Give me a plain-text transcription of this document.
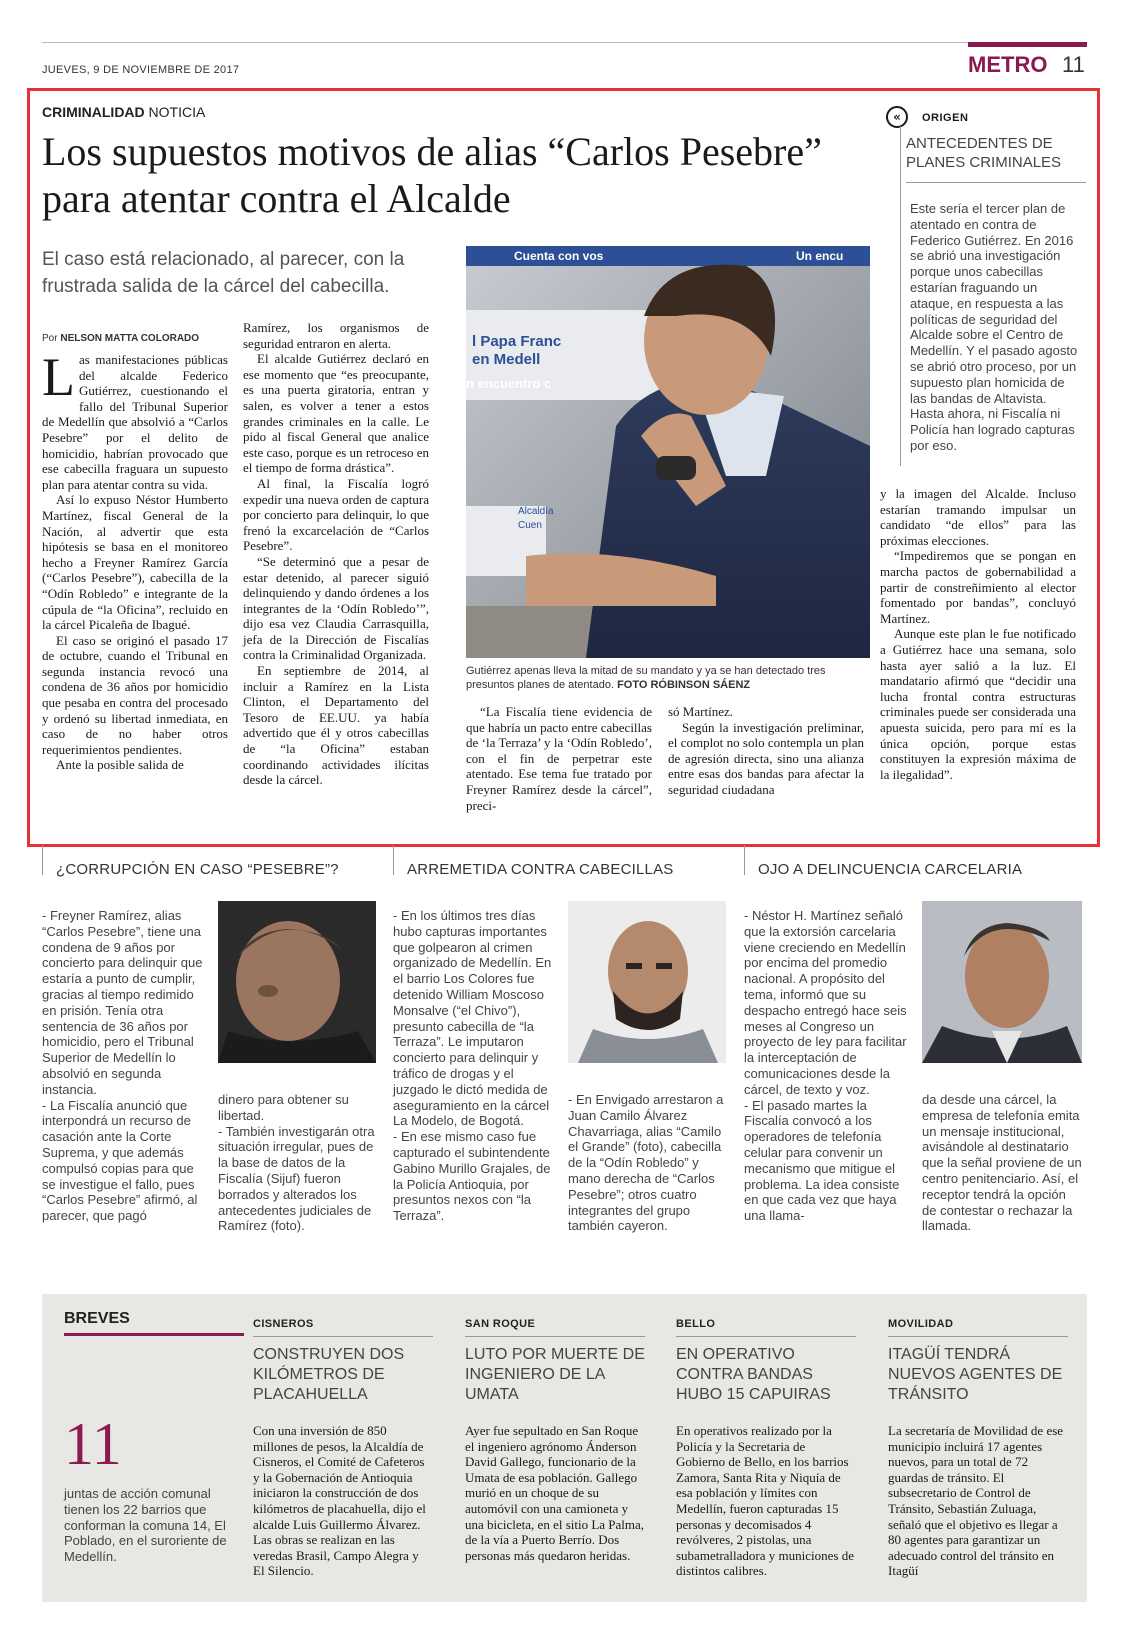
JUEVES, 9 DE NOVIEMBRE DE 2017	METRO 11
CRIMINALIDAD NOTICIA
Los supuestos motivos de alias “Carlos Pesebre” para atentar contra el Alcalde
El caso está relacionado, al parecer, con la frustrada salida de la cárcel del cabecilla.
Por NELSON MATTA COLORADO
L as manifestaciones públicas del alcalde Federico Gutiérrez, cuestionando el fallo del Tribunal Superior de Medellín que absolvió a “Carlos Pesebre” por el delito de homicidio, habrían provocado que ese cabecilla fraguara un supuesto plan para atentar contra su vida.

Así lo expuso Néstor Humberto Martínez, fiscal General de la Nación, al advertir que esta hipótesis se basa en el monitoreo hecho a Freyner Ramírez García (“Carlos Pesebre”), cabecilla de la “Odín Robledo” e integrante de la cúpula de “la Oficina”, recluido en la cárcel Picaleña de Ibagué.

El caso se originó el pasado 17 de octubre, cuando el Tribunal en segunda instancia revocó una condena de 36 años por homicidio que pesaba en contra del procesado y ordenó su libertad inmediata, en caso de no haber otros requerimientos pendientes.

Ante la posible salida de

Ramírez, los organismos de seguridad entraron en alerta.

El alcalde Gutiérrez declaró en ese momento que “es preocupante, es una puerta giratoria, entran y salen, es volver a tener a estos grandes criminales en la calle. Le pido al fiscal General que analice este caso, porque es un retroceso en el tiempo de forma drástica”.

Al final, la Fiscalía logró expedir una nueva orden de captura por concierto para delinquir, lo que frenó la excarcelación de “Carlos Pesebre”.

“Se determinó que a pesar de estar detenido, al parecer siguió delinquiendo y dando órdenes a los integrantes de la ‘Odín Robledo’”, dijo esa vez Claudia Carrasquilla, jefa de la Dirección de Fiscalías contra la Criminalidad Organizada.

En septiembre de 2014, al incluir a Ramírez en la Lista Clinton, el Departamento del Tesoro de EE.UU. ya había advertido que él y otros cabecillas de “la Oficina” estaban coordinando actividades ilícitas desde la cárcel.

Cuenta con vos	Un encu
l Papa Franc
en Medell
n encuentro c
Alcaldía
Cuen
Gutiérrez apenas lleva la mitad de su mandato y ya se han detectado tres presuntos planes de atentado. FOTO RÓBINSON SÁENZ

“La Fiscalía tiene evidencia de que habría un pacto entre cabecillas de ‘la Terraza’ y la ‘Odín Robledo’, con el fin de perpetrar este atentado. Ese tema fue tratado por Freyner Ramírez desde la cárcel”, preci-

só Martínez.

Según la investigación preliminar, el complot no solo contempla un plan de agresión directa, sino una alianza entre esas dos bandas para afectar la seguridad ciudadana

y la imagen del Alcalde. Incluso estarían tramando impulsar un candidato “de ellos” para las próximas elecciones.

“Impediremos que se pongan en marcha pactos de gobernabilidad a partir de constreñimiento al elector fomentado por bandas”, concluyó Martínez.

Aunque este plan le fue notificado a Gutiérrez hace una semana, solo hasta ayer salió a la luz. El mandatario afirmó que “decidir una lucha frontal contra estructuras criminales puede ser considerada una apuesta suicida, pero para mí es la única opción, porque estas constituyen la expresión máxima de la ilegalidad”.

«	ORIGEN
ANTECEDENTES DE PLANES CRIMINALES
Este sería el tercer plan de atentado en contra de Federico Gutiérrez. En 2016 se abrió una investigación porque unos cabecillas estarían fraguando un ataque, en respuesta a las políticas de seguridad del Alcalde sobre el Centro de Medellín. Y el pasado agosto se abrió otro proceso, por un supuesto plan homicida de las bandas de Altavista. Hasta ahora, ni Fiscalía ni Policía han logrado capturas por eso.
¿CORRUPCIÓN EN CASO “PESEBRE”?
- Freyner Ramírez, alias “Carlos Pesebre”, tiene una condena de 9 años por concierto para delinquir que estaría a punto de cumplir, gracias al tiempo redimido en prisión. Tenía otra sentencia de 36 años por homicidio, pero el Tribunal Superior de Medellín lo absolvió en segunda instancia.
- La Fiscalía anunció que interpondrá un recurso de casación ante la Corte Suprema, y que además compulsó copias para que se investigue el fallo, pues “Carlos Pesebre” afirmó, al parecer, que pagó
dinero para obtener su libertad.
- También investigarán otra situación irregular, pues de la base de datos de la Fiscalía (Sijuf) fueron borrados y alterados los antecedentes judiciales de Ramírez (foto).
ARREMETIDA CONTRA CABECILLAS
- En los últimos tres días hubo capturas importantes que golpearon al crimen organizado de Medellín. En el barrio Los Colores fue detenido William Moscoso Monsalve (“el Chivo”), presunto cabecilla de “la Terraza”. Le imputaron concierto para delinquir y tráfico de drogas y el juzgado le dictó medida de aseguramiento en la cárcel La Modelo, de Bogotá.
- En ese mismo caso fue capturado el subintendente Gabino Murillo Grajales, de la Policía Antioquia, por presuntos nexos con “la Terraza”.
- En Envigado arrestaron a Juan Camilo Álvarez Chavarriaga, alias “Camilo el Grande” (foto), cabecilla de la “Odín Robledo” y mano derecha de “Carlos Pesebre”; otros cuatro integrantes del grupo también cayeron.
OJO A DELINCUENCIA CARCELARIA
- Néstor H. Martínez señaló que la extorsión carcelaria viene creciendo en Medellín por encima del promedio nacional. A propósito del tema, informó que su despacho entregó hace seis meses al Congreso un proyecto de ley para facilitar la interceptación de comunicaciones desde la cárcel, de texto y voz.
- El pasado martes la Fiscalía convocó a los operadores de telefonía celular para convenir un mecanismo que mitigue el problema. La idea consiste en que cada vez que haya una llama-
da desde una cárcel, la empresa de telefonía emita un mensaje institucional, avisándole al destinatario que la señal proviene de un centro penitenciario. Así, el receptor tendrá la opción de contestar o rechazar la llamada.
BREVES
11
juntas de acción comunal tienen los 22 barrios que conforman la comuna 14, El Poblado, en el suroriente de Medellín.
CISNEROS
CONSTRUYEN DOS KILÓMETROS DE PLACAHUELLA
Con una inversión de 850 millones de pesos, la Alcaldía de Cisneros, el Comité de Cafeteros y la Gobernación de Antioquia iniciaron la construcción de dos kilómetros de placahuella, dijo el alcalde Luis Guillermo Álvarez. Las obras se realizan en las veredas Brasil, Campo Alegra y El Silencio.
SAN ROQUE
LUTO POR MUERTE DE INGENIERO DE LA UMATA
Ayer fue sepultado en San Roque el ingeniero agrónomo Ánderson David Gallego, funcionario de la Umata de esa población. Gallego murió en un choque de su automóvil con una camioneta y una bicicleta, en el sitio La Palma, de la vía a Puerto Berrío. Dos personas más quedaron heridas.
BELLO
EN OPERATIVO CONTRA BANDAS HUBO 15 CAPUIRAS
En operativos realizado por la Policía y la Secretaria de Gobierno de Bello, en los barrios Zamora, Santa Rita y Niquía de esa población y límites con Medellín, fueron capturadas 15 personas y decomisados 4 revólveres, 2 pistolas, una subametralladora y municiones de distintos calibres.
MOVILIDAD
ITAGÜÍ TENDRÁ NUEVOS AGENTES DE TRÁNSITO
La secretaría de Movilidad de ese municipio incluirá 17 agentes nuevos, para un total de 72 guardas de tránsito. El subsecretario de Control de Tránsito, Sebastián Zuluaga, señaló que el objetivo es llegar a 80 agentes para garantizar un adecuado control del tránsito en Itagüí
